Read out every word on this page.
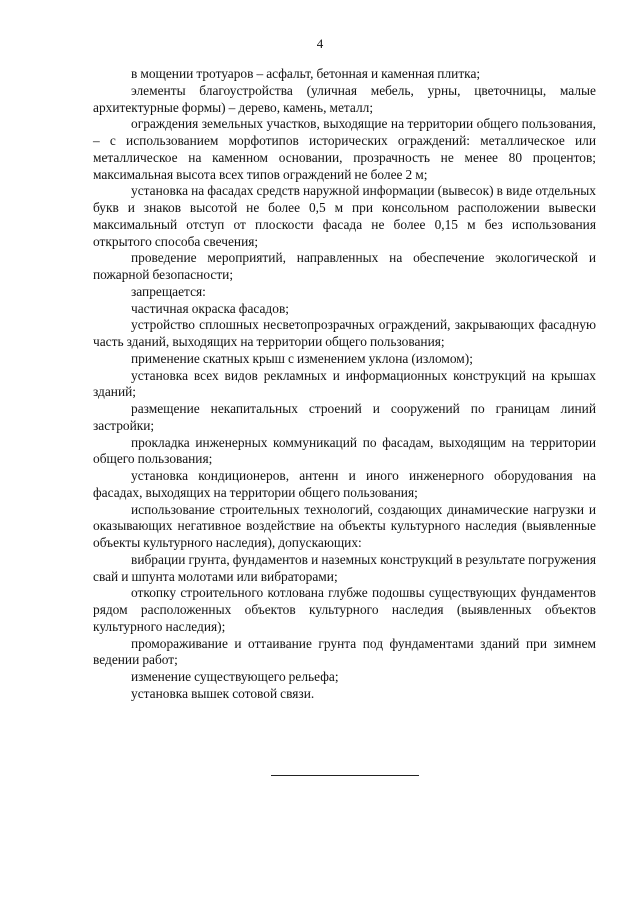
4

в мощении тротуаров – асфальт, бетонная и каменная плитка;

элементы благоустройства (уличная мебель, урны, цветочницы, малые архитектурные формы) – дерево, камень, металл;

ограждения земельных участков, выходящие на территории общего пользования, – с использованием морфотипов исторических ограждений: металлическое или металлическое на каменном основании, прозрачность не менее 80 процентов; максимальная высота всех типов ограждений не более 2 м;

установка на фасадах средств наружной информации (вывесок) в виде отдельных букв и знаков высотой не более 0,5 м при консольном расположении вывески максимальный отступ от плоскости фасада не более 0,15 м без использования открытого способа свечения;

проведение мероприятий, направленных на обеспечение экологической и пожарной безопасности;

запрещается:

частичная окраска фасадов;

устройство сплошных несветопрозрачных ограждений, закрывающих фасадную часть зданий, выходящих на территории общего пользования;

применение скатных крыш с изменением уклона (изломом);

установка всех видов рекламных и информационных конструкций на крышах зданий;

размещение некапитальных строений и сооружений по границам линий застройки;

прокладка инженерных коммуникаций по фасадам, выходящим на территории общего пользования;

установка кондиционеров, антенн и иного инженерного оборудования на фасадах, выходящих на территории общего пользования;

использование строительных технологий, создающих динамические нагрузки и оказывающих негативное воздействие на объекты культурного наследия (выявленные объекты культурного наследия), допускающих:

вибрации грунта, фундаментов и наземных конструкций в результате погружения свай и шпунта молотами или вибраторами;

откопку строительного котлована глубже подошвы существующих фундаментов рядом расположенных объектов культурного наследия (выявленных объектов культурного наследия);

промораживание и оттаивание грунта под фундаментами зданий при зимнем ведении работ;

изменение существующего рельефа;

установка вышек сотовой связи.
